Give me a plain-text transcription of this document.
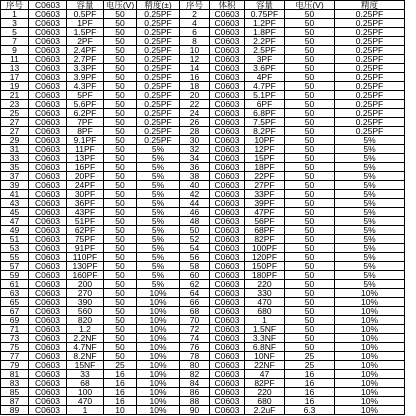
序号	C0603	容量	电压(V)	精度(±)	序号	体积	容量	电压(V)	精度
1	C0603	0.5PF	50	0.25PF	2	C0603	0.75PF	50	0.25PF
3	C0603	1PF	50	0.25PF	4	C0603	1.2PF	50	0.25PF
5	C0603	1.5PF	50	0.25PF	6	C0603	1.8PF	50	0.25PF
7	C0603	2PF	50	0.25PF	8	C0603	2.2PF	50	0.25PF
9	C0603	2.4PF	50	0.25PF	10	C0603	2.5PF	50	0.25PF
11	C0603	2.7PF	50	0.25PF	12	C0603	3PF	50	0.25PF
13	C0603	3.3PF	50	0.25PF	14	C0603	3.6PF	50	0.25PF
17	C0603	3.9PF	50	0.25PF	16	C0603	4PF	50	0.25PF
19	C0603	4.3PF	50	0.25PF	18	C0603	4.7PF	50	0.25PF
21	C0603	5PF	50	0.25PF	20	C0603	5.1PF	50	0.25PF
23	C0603	5.6PF	50	0.25PF	22	C0603	6PF	50	0.25PF
25	C0603	6.2PF	50	0.25PF	24	C0603	6.8PF	50	0.25PF
27	C0603	7PF	50	0.25PF	26	C0603	7.5PF	50	0.25PF
27	C0603	8PF	50	0.25PF	28	C0603	8.2PF	50	0.25PF
29	C0603	9.1PF	50	0.25PF	30	C0603	10PF	50	5%
31	C0603	11PF	50	5%	32	C0603	12PF	50	5%
33	C0603	13PF	50	5%	34	C0603	15PF	50	5%
35	C0603	16PF	50	5%	36	C0603	18PF	50	5%
37	C0603	20PF	50	5%	38	C0603	22PF	50	5%
39	C0603	24PF	50	5%	40	C0603	27PF	50	5%
41	C0603	30PF	50	5%	42	C0603	33PF	50	5%
43	C0603	36PF	50	5%	44	C0603	39PF	50	5%
45	C0603	43PF	50	5%	46	C0603	47PF	50	5%
47	C0603	51PF	50	5%	48	C0603	56PF	50	5%
49	C0603	62PF	50	5%	50	C0603	68PF	50	5%
51	C0603	75PF	50	5%	52	C0603	82PF	50	5%
53	C0603	91PF	50	5%	54	C0603	100PF	50	5%
55	C0603	110PF	50	5%	56	C0603	120PF	50	5%
57	C0603	130PF	50	5%	58	C0603	150PF	50	5%
59	C0603	160PF	50	5%	60	C0603	180PF	50	5%
61	C0603	200	50	5%	62	C0603	220	50	5%
63	C0603	270	50	10%	64	C0603	330	50	10%
65	C0603	390	50	10%	66	C0603	470	50	10%
67	C0603	560	50	10%	68	C0603	680	50	10%
69	C0603	820	50	10%	70	C0603	1	50	10%
71	C0603	1.2	50	10%	72	C0603	1.5NF	50	10%
73	C0603	2.2NF	50	10%	74	C0603	3.3NF	50	10%
75	C0603	4.7NF	50	10%	76	C0603	6.8NF	50	10%
77	C0603	8.2NF	50	10%	78	C0603	10NF	25	10%
79	C0603	15NF	25	10%	80	C0603	22NF	25	10%
81	C0603	33	16	10%	82	C0603	47	16	10%
83	C0603	68	16	10%	84	C0603	82PF	16	10%
85	C0603	100	16	10%	86	C0603	220	16	10%
87	C0603	470	16	10%	88	C0603	680	16	10%
89	C0603	1	10	10%	90	C0603	2.2uF	6.3	10%
